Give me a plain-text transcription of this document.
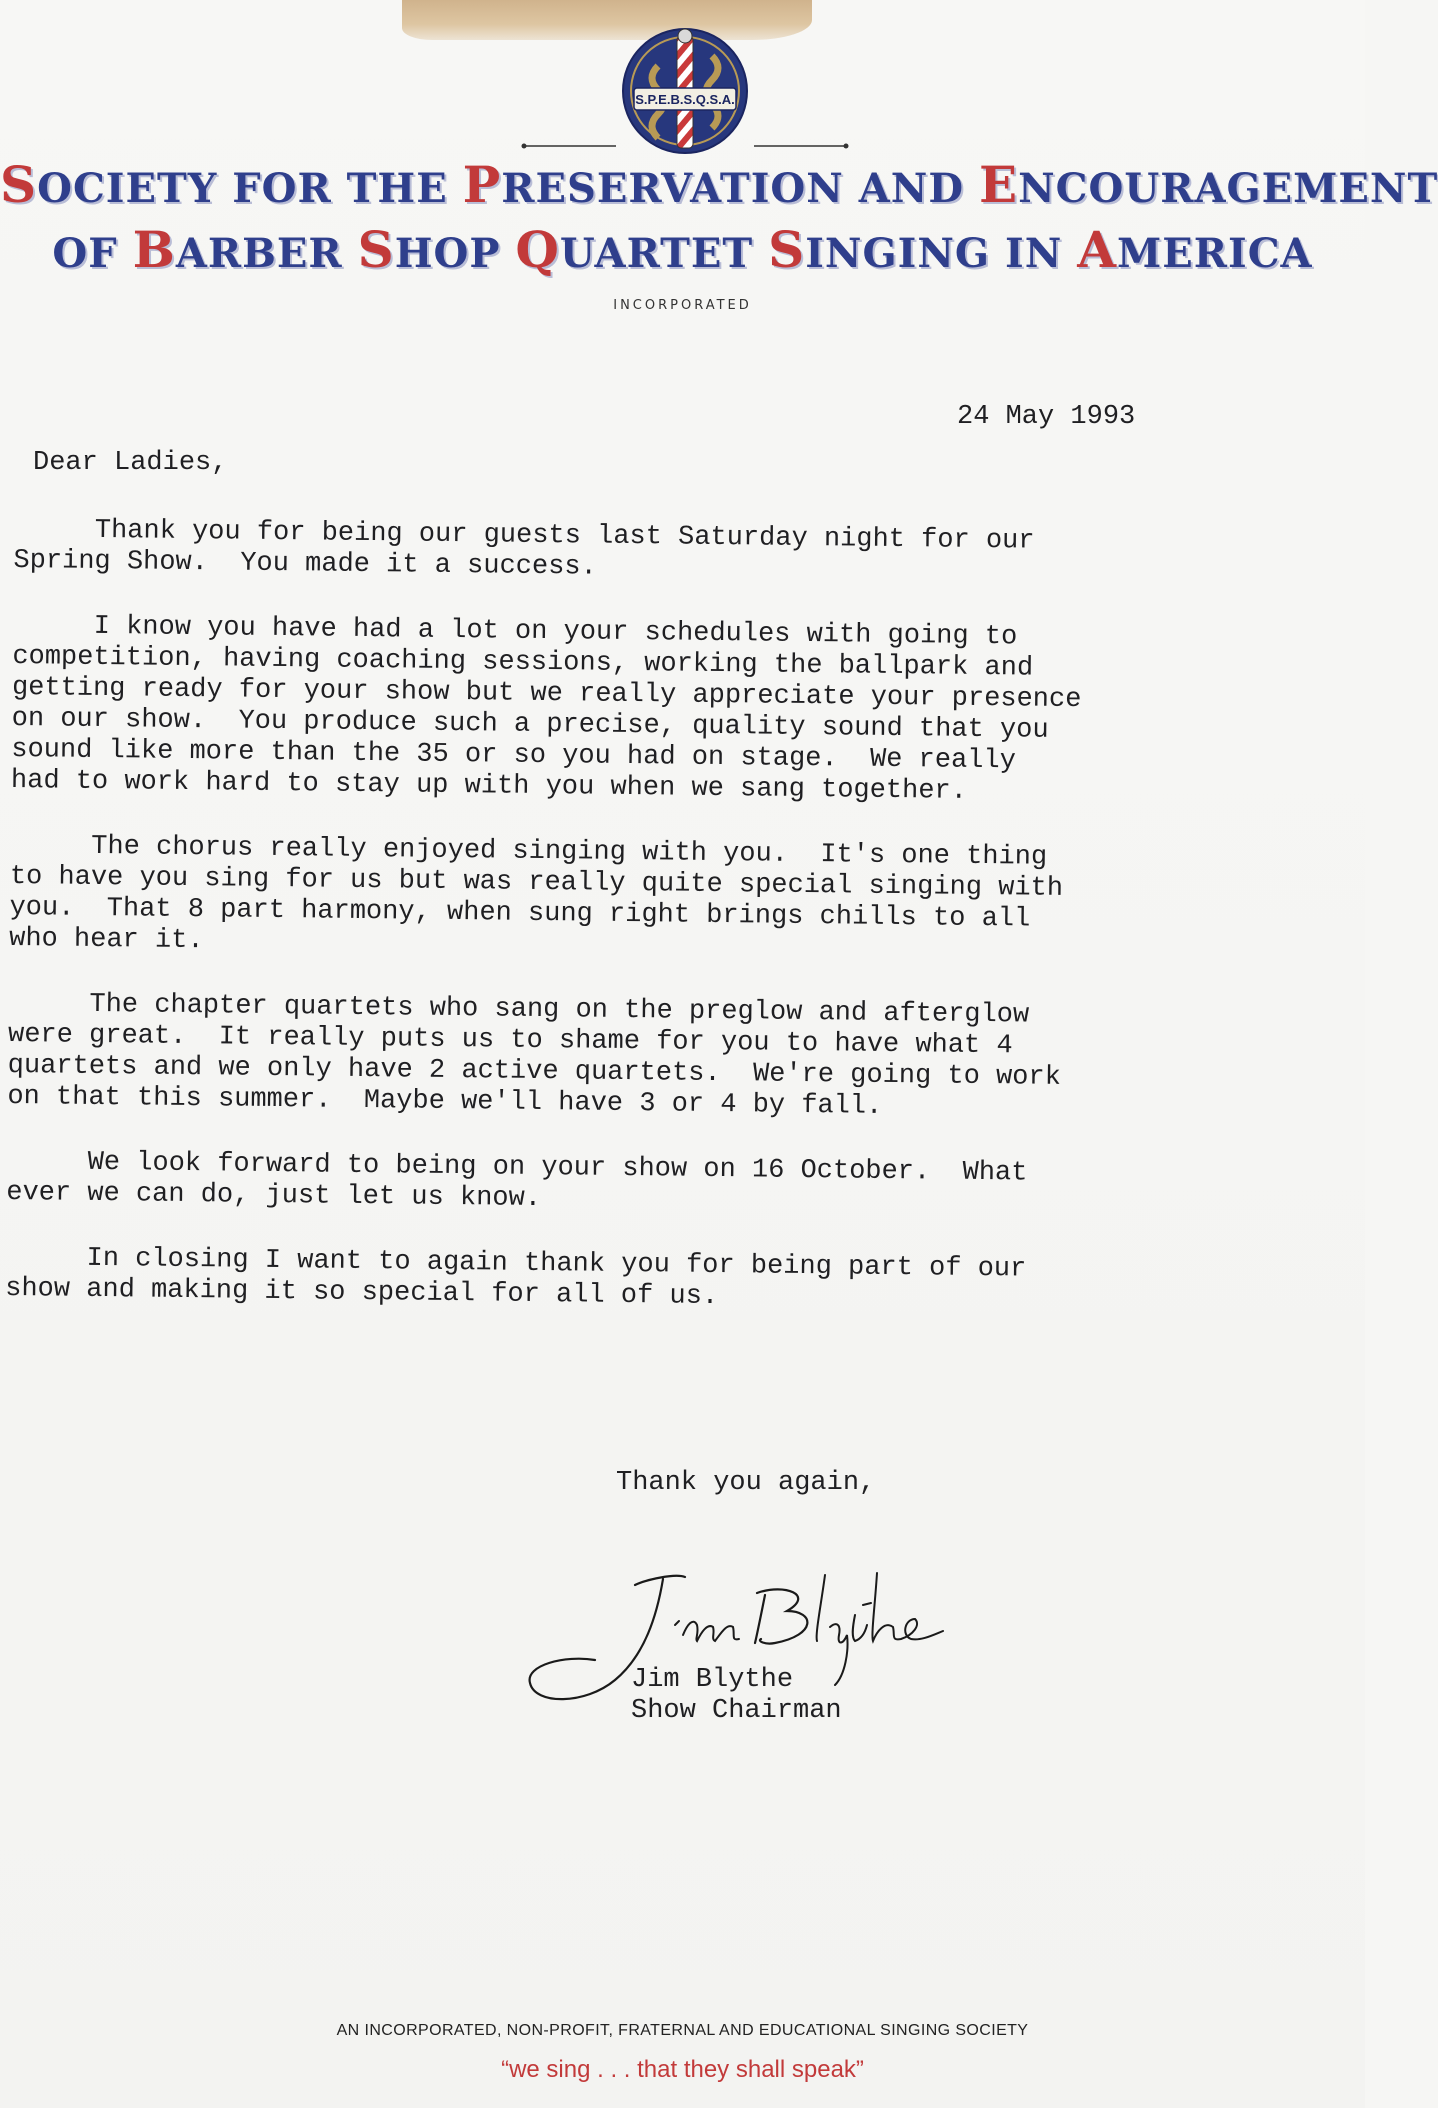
S.P.E.B.S.Q.S.A.
SOCIETY FOR THE PRESERVATION AND ENCOURAGEMENT
OF BARBER SHOP QUARTET SINGING IN AMERICA
INCORPORATED
24 May 1993
Dear Ladies,

Thank you for being our guests last Saturday night for our
Spring Show.  You made it a success.

I know you have had a lot on your schedules with going to
competition, having coaching sessions, working the ballpark and
getting ready for your show but we really appreciate your presence
on our show.  You produce such a precise, quality sound that you
sound like more than the 35 or so you had on stage.  We really
had to work hard to stay up with you when we sang together.

The chorus really enjoyed singing with you.  It's one thing
to have you sing for us but was really quite special singing with
you.  That 8 part harmony, when sung right brings chills to all
who hear it.

The chapter quartets who sang on the preglow and afterglow
were great.  It really puts us to shame for you to have what 4
quartets and we only have 2 active quartets.  We're going to work
on that this summer.  Maybe we'll have 3 or 4 by fall.

We look forward to being on your show on 16 October.  What
ever we can do, just let us know.

In closing I want to again thank you for being part of our
show and making it so special for all of us.

Thank you again,
Jim Blythe
Jim Blythe
Show Chairman
AN INCORPORATED, NON-PROFIT, FRATERNAL AND EDUCATIONAL SINGING SOCIETY
“we sing . . . that they shall speak”
